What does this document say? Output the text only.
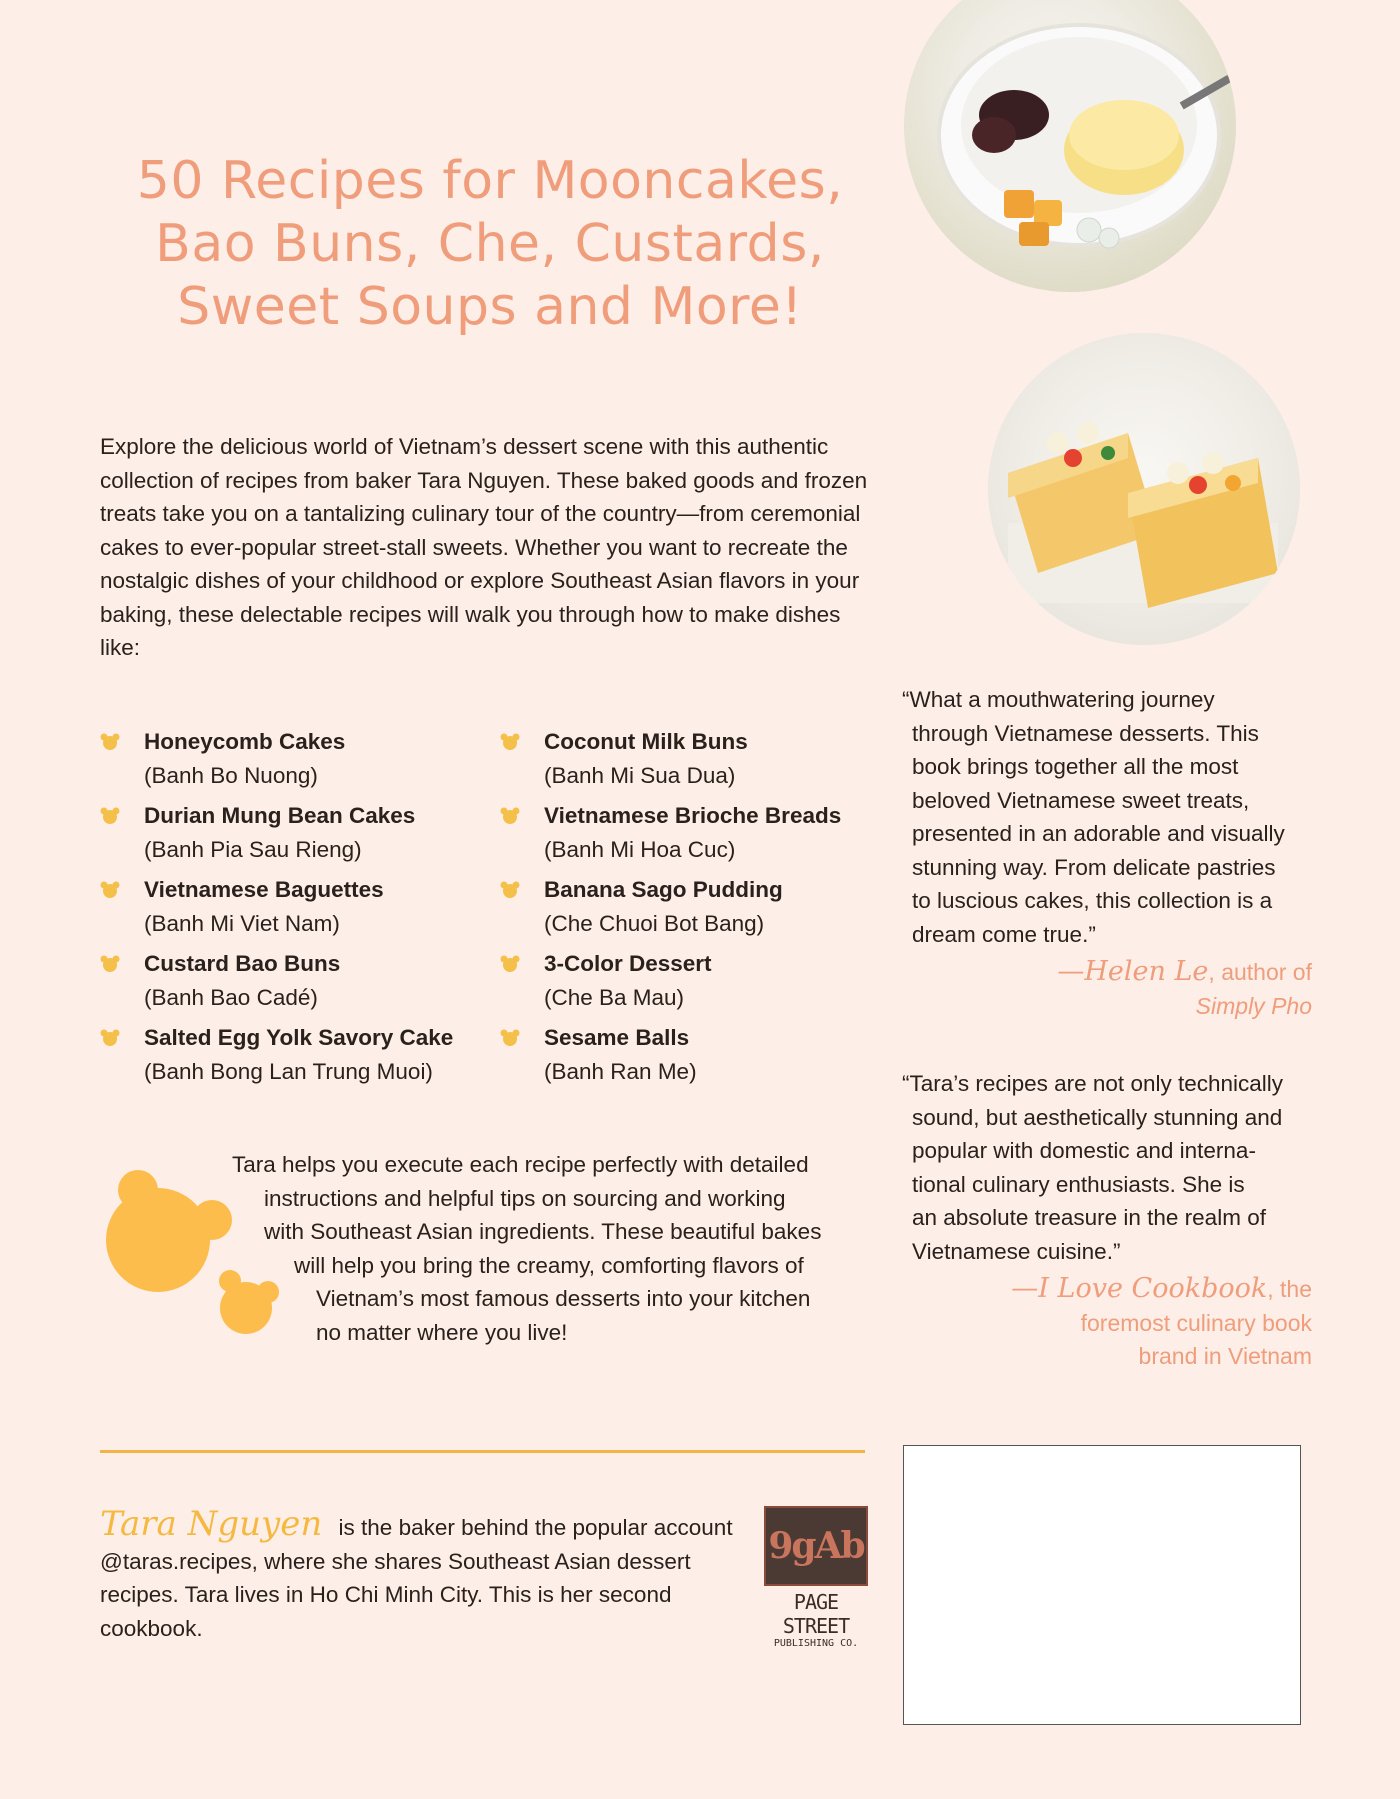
50 Recipes for Mooncakes,
Bao Buns, Che, Custards,
Sweet Soups and More!
Explore the delicious world of Vietnam’s dessert scene with this authentic collection of recipes from baker Tara Nguyen. These baked goods and frozen treats take you on a tantalizing culinary tour of the country—from ceremonial cakes to ever-popular street-stall sweets. Whether you want to recreate the nostalgic dishes of your childhood or explore Southeast Asian flavors in your baking, these delectable recipes will walk you through how to make dishes like:
Honeycomb Cakes
(Banh Bo Nuong)
Coconut Milk Buns
(Banh Mi Sua Dua)
Durian Mung Bean Cakes
(Banh Pia Sau Rieng)
Vietnamese Brioche Breads
(Banh Mi Hoa Cuc)
Vietnamese Baguettes
(Banh Mi Viet Nam)
Banana Sago Pudding
(Che Chuoi Bot Bang)
Custard Bao Buns
(Banh Bao Cadé)
3-Color Dessert
(Che Ba Mau)
Salted Egg Yolk Savory Cake
(Banh Bong Lan Trung Muoi)
Sesame Balls
(Banh Ran Me)
Tara helps you execute each recipe perfectly with detailed
instructions and helpful tips on sourcing and working
with Southeast Asian ingredients. These beautiful bakes
will help you bring the creamy, comforting flavors of
Vietnam’s most famous desserts into your kitchen
no matter where you live!
Tara Nguyen is the baker behind the popular account @taras.recipes, where she shares Southeast Asian dessert recipes. Tara lives in Ho Chi Minh City. This is her second cookbook.
9gAb
PAGE STREET
PUBLISHING CO.
“What a mouthwatering journey
through Vietnamese desserts. This
book brings together all the most
beloved Vietnamese sweet treats,
presented in an adorable and visually
stunning way. From delicate pastries
to luscious cakes, this collection is a
dream come true.”
—Helen Le, author of
Simply Pho
“Tara’s recipes are not only technically
sound, but aesthetically stunning and
popular with domestic and interna-
tional culinary enthusiasts. She is
an absolute treasure in the realm of
Vietnamese cuisine.”
—I Love Cookbook, the
foremost culinary book
brand in Vietnam
